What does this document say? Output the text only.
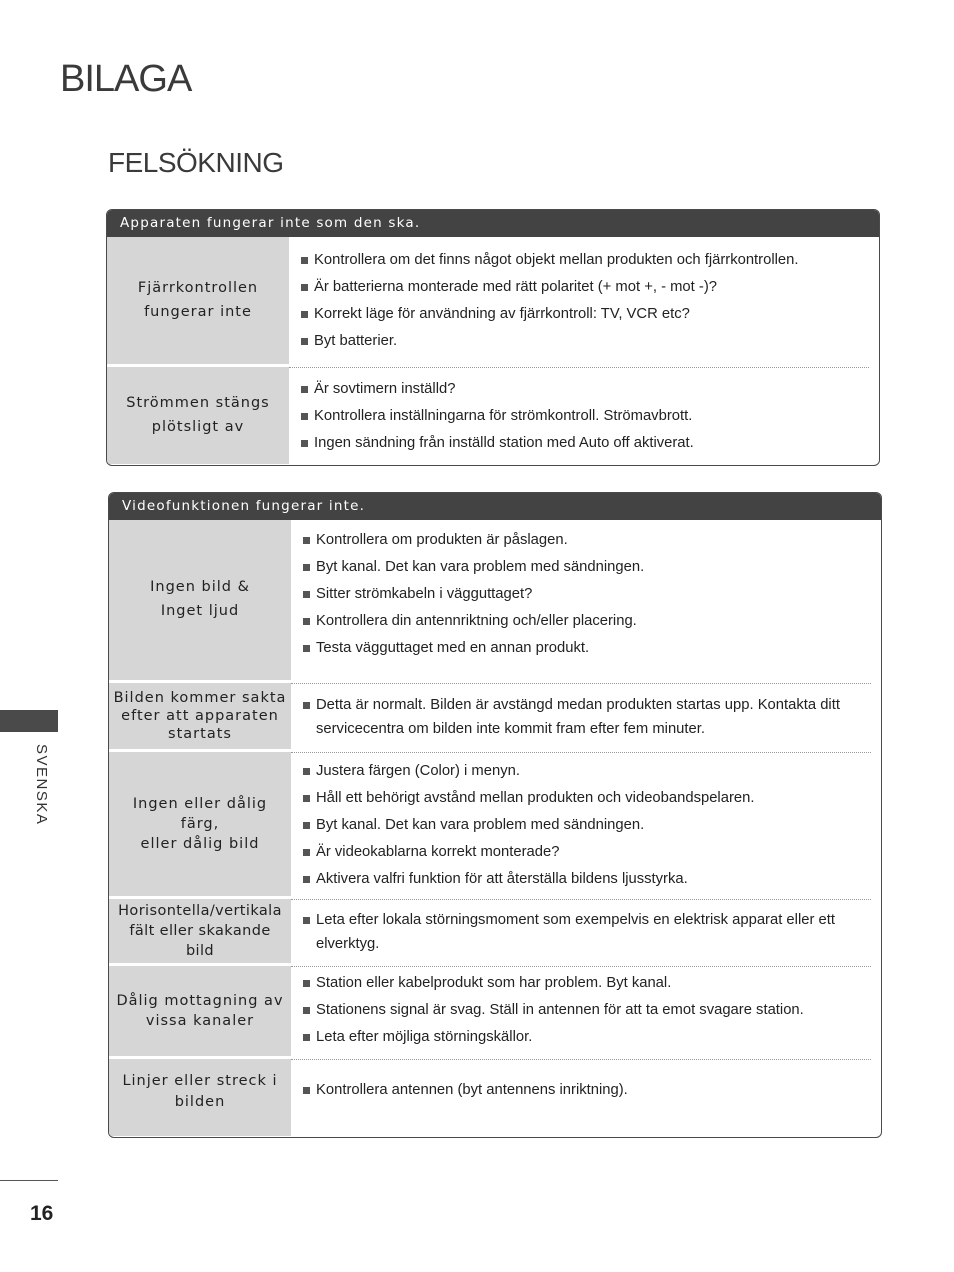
BILAGA
FELSÖKNING
Apparaten fungerar inte som den ska.
Fjärrkontrollen
fungerar inte
Kontrollera om det finns något objekt mellan produkten och fjärrkontrollen.
Är batterierna monterade med rätt polaritet (+ mot +, - mot -)?
Korrekt läge för användning av fjärrkontroll: TV, VCR etc?
Byt batterier.
Strömmen stängs
plötsligt av
Är sovtimern inställd?
Kontrollera inställningarna för strömkontroll. Strömavbrott.
Ingen sändning från inställd station med Auto off aktiverat.
Videofunktionen fungerar inte.
Ingen bild &
Inget ljud
Kontrollera om produkten är påslagen.
Byt kanal. Det kan vara problem med sändningen.
Sitter strömkabeln i vägguttaget?
Kontrollera din antennriktning och/eller placering.
Testa vägguttaget med en annan produkt.
Bilden kommer sakta
efter att apparaten
startats
Detta är normalt. Bilden är avstängd medan produkten startas upp. Kontakta ditt servicecentra om bilden inte kommit fram efter fem minuter.
Ingen eller dålig färg,
eller dålig bild
Justera färgen (Color) i menyn.
Håll ett behörigt avstånd mellan produkten och videobandspelaren.
Byt kanal. Det kan vara problem med sändningen.
Är videokablarna korrekt monterade?
Aktivera valfri funktion för att återställa bildens ljusstyrka.
Horisontella/vertikala
fält eller skakande bild
Leta efter lokala störningsmoment som exempelvis en elektrisk apparat eller ett elverktyg.
Dålig mottagning av
vissa kanaler
Station eller kabelprodukt som har problem. Byt kanal.
Stationens signal är svag. Ställ in antennen för att ta emot svagare station.
Leta efter möjliga störningskällor.
Linjer eller streck i
bilden
Kontrollera antennen (byt antennens inriktning).
SVENSKA
16
